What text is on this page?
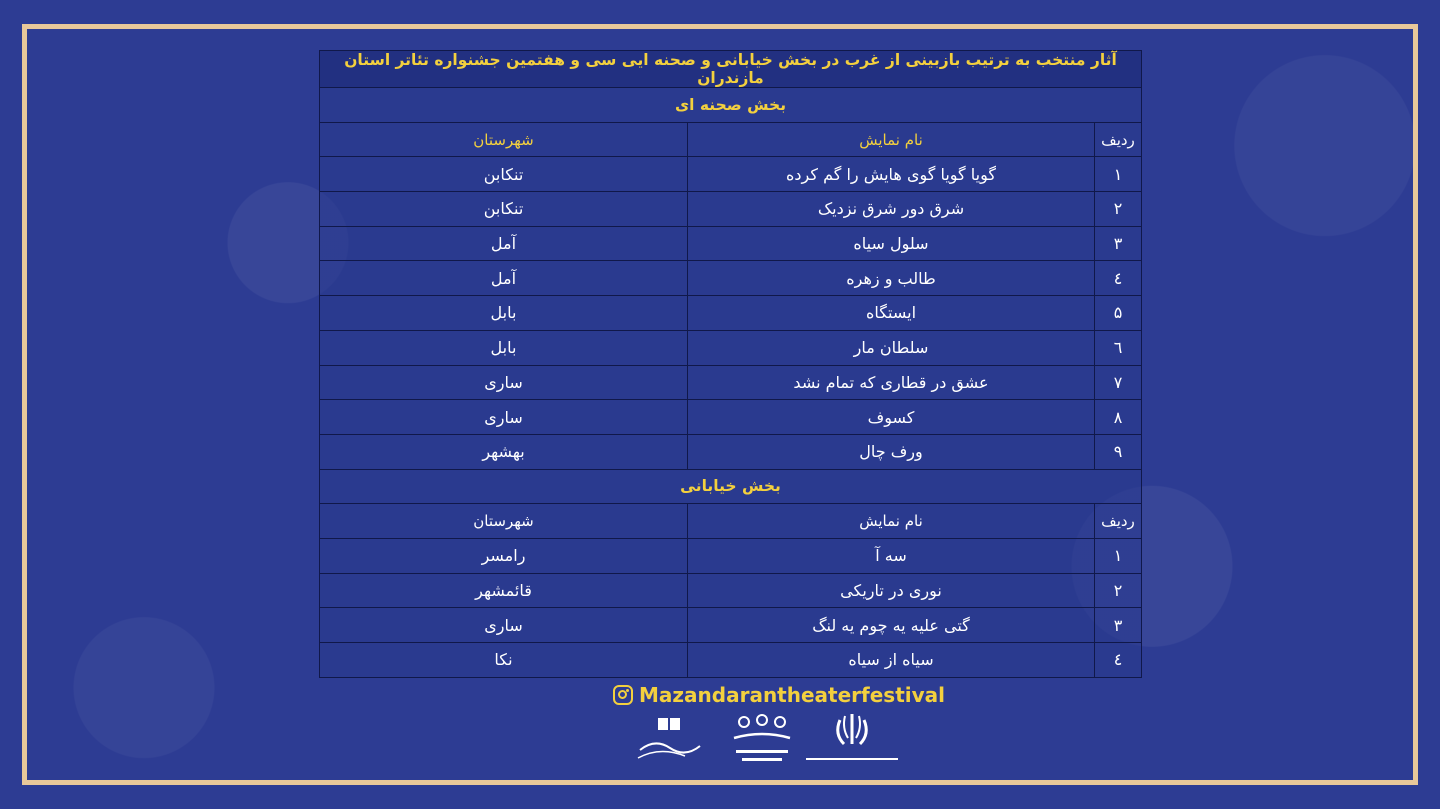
آثار منتخب به ترتیب بازبینی از غرب در بخش خیابانی و صحنه ایی سی و هفتمین جشنواره تئاتر استان مازندران		
بخش صحنه ای		
ردیف	نام نمایش	شهرستان
۱	گویا گویا گوی هایش را گم کرده	تنکابن
۲	شرق دور شرق نزدیک	تنکابن
۳	سلول سیاه	آمل
٤	طالب و زهره	آمل
۵	ایستگاه	بابل
٦	سلطان مار	بابل
۷	عشق در قطاری که تمام نشد	ساری
۸	کسوف	ساری
۹	ورف چال	بهشهر
بخش خیابانی		
ردیف	نام نمایش	شهرستان
۱	سه آ	رامسر
۲	نوری در تاریکی	قائمشهر
۳	گتی علیه یه چوم یه لنگ	ساری
٤	سیاه از سیاه	نکا
Mazandarantheaterfestival
